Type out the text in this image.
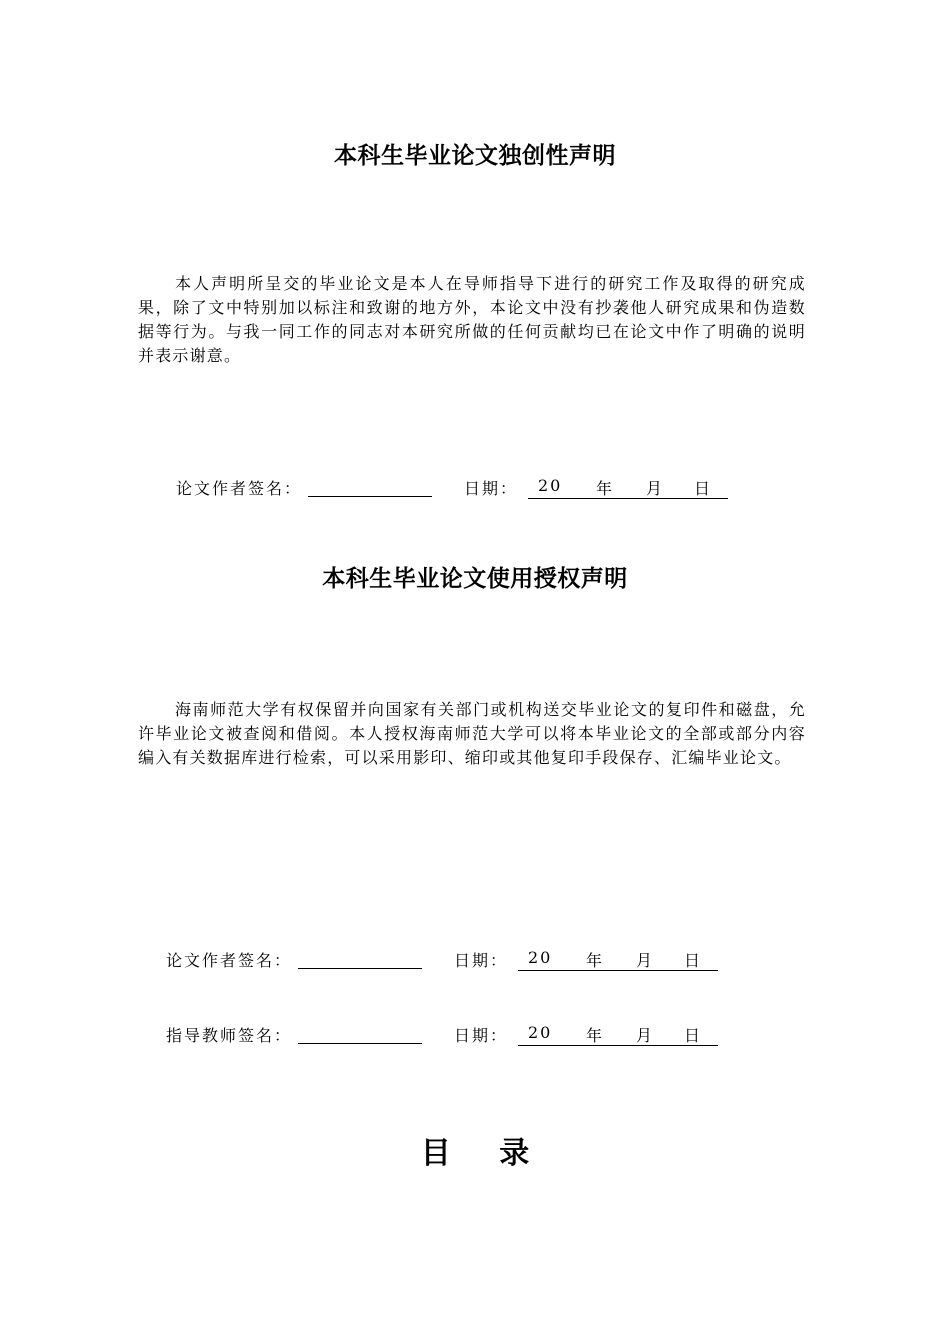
本科生毕业论文独创性声明
本人声明所呈交的毕业论文是本人在导师指导下进行的研究工作及取得的研究成果，除了文中特别加以标注和致谢的地方外，本论文中没有抄袭他人研究成果和伪造数据等行为。与我一同工作的同志对本研究所做的任何贡献均已在论文中作了明确的说明并表示谢意。
论文作者签名：	日期： 20 年 月 日
本科生毕业论文使用授权声明
海南师范大学有权保留并向国家有关部门或机构送交毕业论文的复印件和磁盘，允许毕业论文被查阅和借阅。本人授权海南师范大学可以将本毕业论文的全部或部分内容编入有关数据库进行检索，可以采用影印、缩印或其他复印手段保存、汇编毕业论文。
论文作者签名：	日期： 20 年 月 日
指导教师签名：	日期： 20 年 月 日
目 录
